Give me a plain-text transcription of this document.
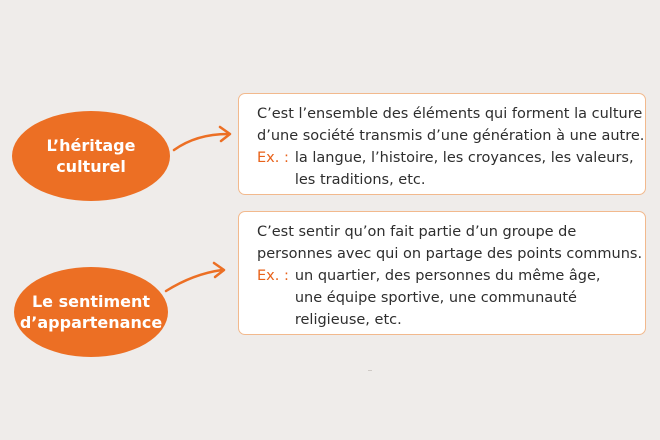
L’héritage
culturel
C’est l’ensemble des éléments qui forment la culture
d’une société transmis d’une génération à une autre.
Ex. : la langue, l’histoire, les croyances, les valeurs,
les traditions, etc.
Le sentiment
d’appartenance
C’est sentir qu’on fait partie d’un groupe de
personnes avec qui on partage des points communs.
Ex. : un quartier, des personnes du même âge,
une équipe sportive, une communauté
religieuse, etc.
